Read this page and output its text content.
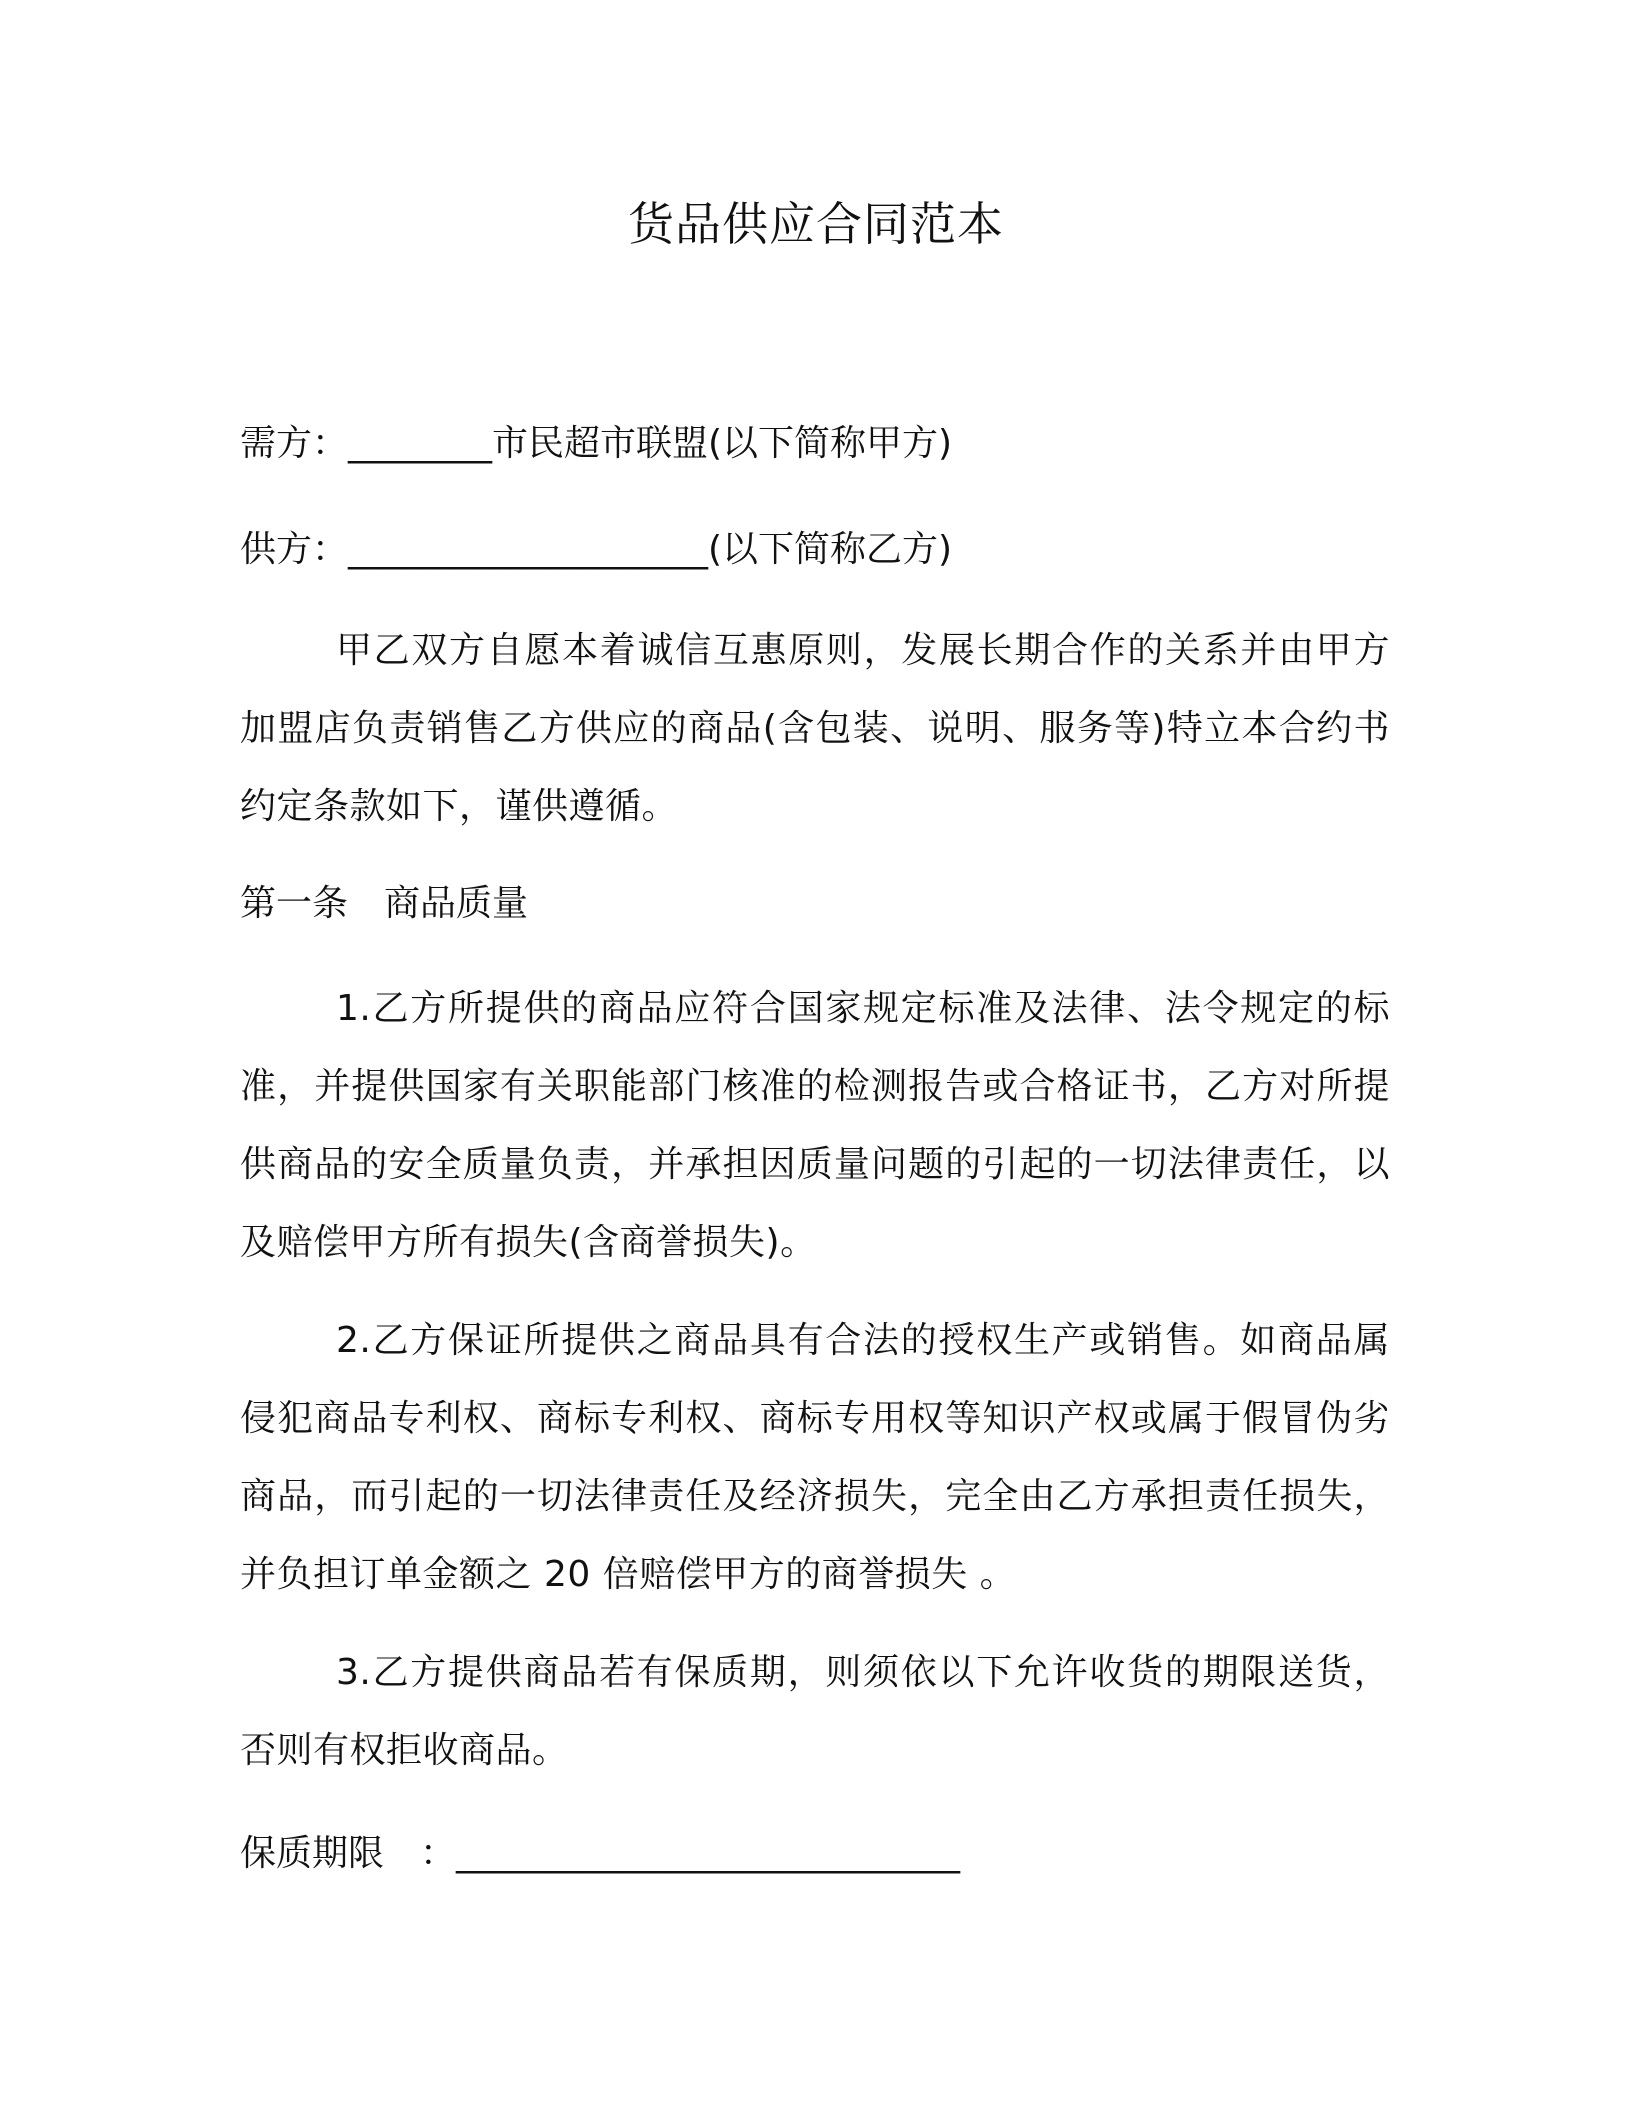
货品供应合同范本

需方：________市民超市联盟(以下简称甲方)

供方：____________________(以下简称乙方)

甲乙双方自愿本着诚信互惠原则，发展长期合作的关系并由甲方加盟店负责销售乙方供应的商品(含包装、说明、服务等)特立本合约书约定条款如下，谨供遵循。

第一条　商品质量

1.乙方所提供的商品应符合国家规定标准及法律、法令规定的标准，并提供国家有关职能部门核准的检测报告或合格证书，乙方对所提供商品的安全质量负责，并承担因质量问题的引起的一切法律责任，以及赔偿甲方所有损失(含商誉损失)。

2.乙方保证所提供之商品具有合法的授权生产或销售。如商品属侵犯商品专利权、商标专利权、商标专用权等知识产权或属于假冒伪劣商品，而引起的一切法律责任及经济损失，完全由乙方承担责任损失，并负担订单金额之 20 倍赔偿甲方的商誉损失 。

3.乙方提供商品若有保质期，则须依以下允许收货的期限送货，否则有权拒收商品。

保质期限　：____________________________
